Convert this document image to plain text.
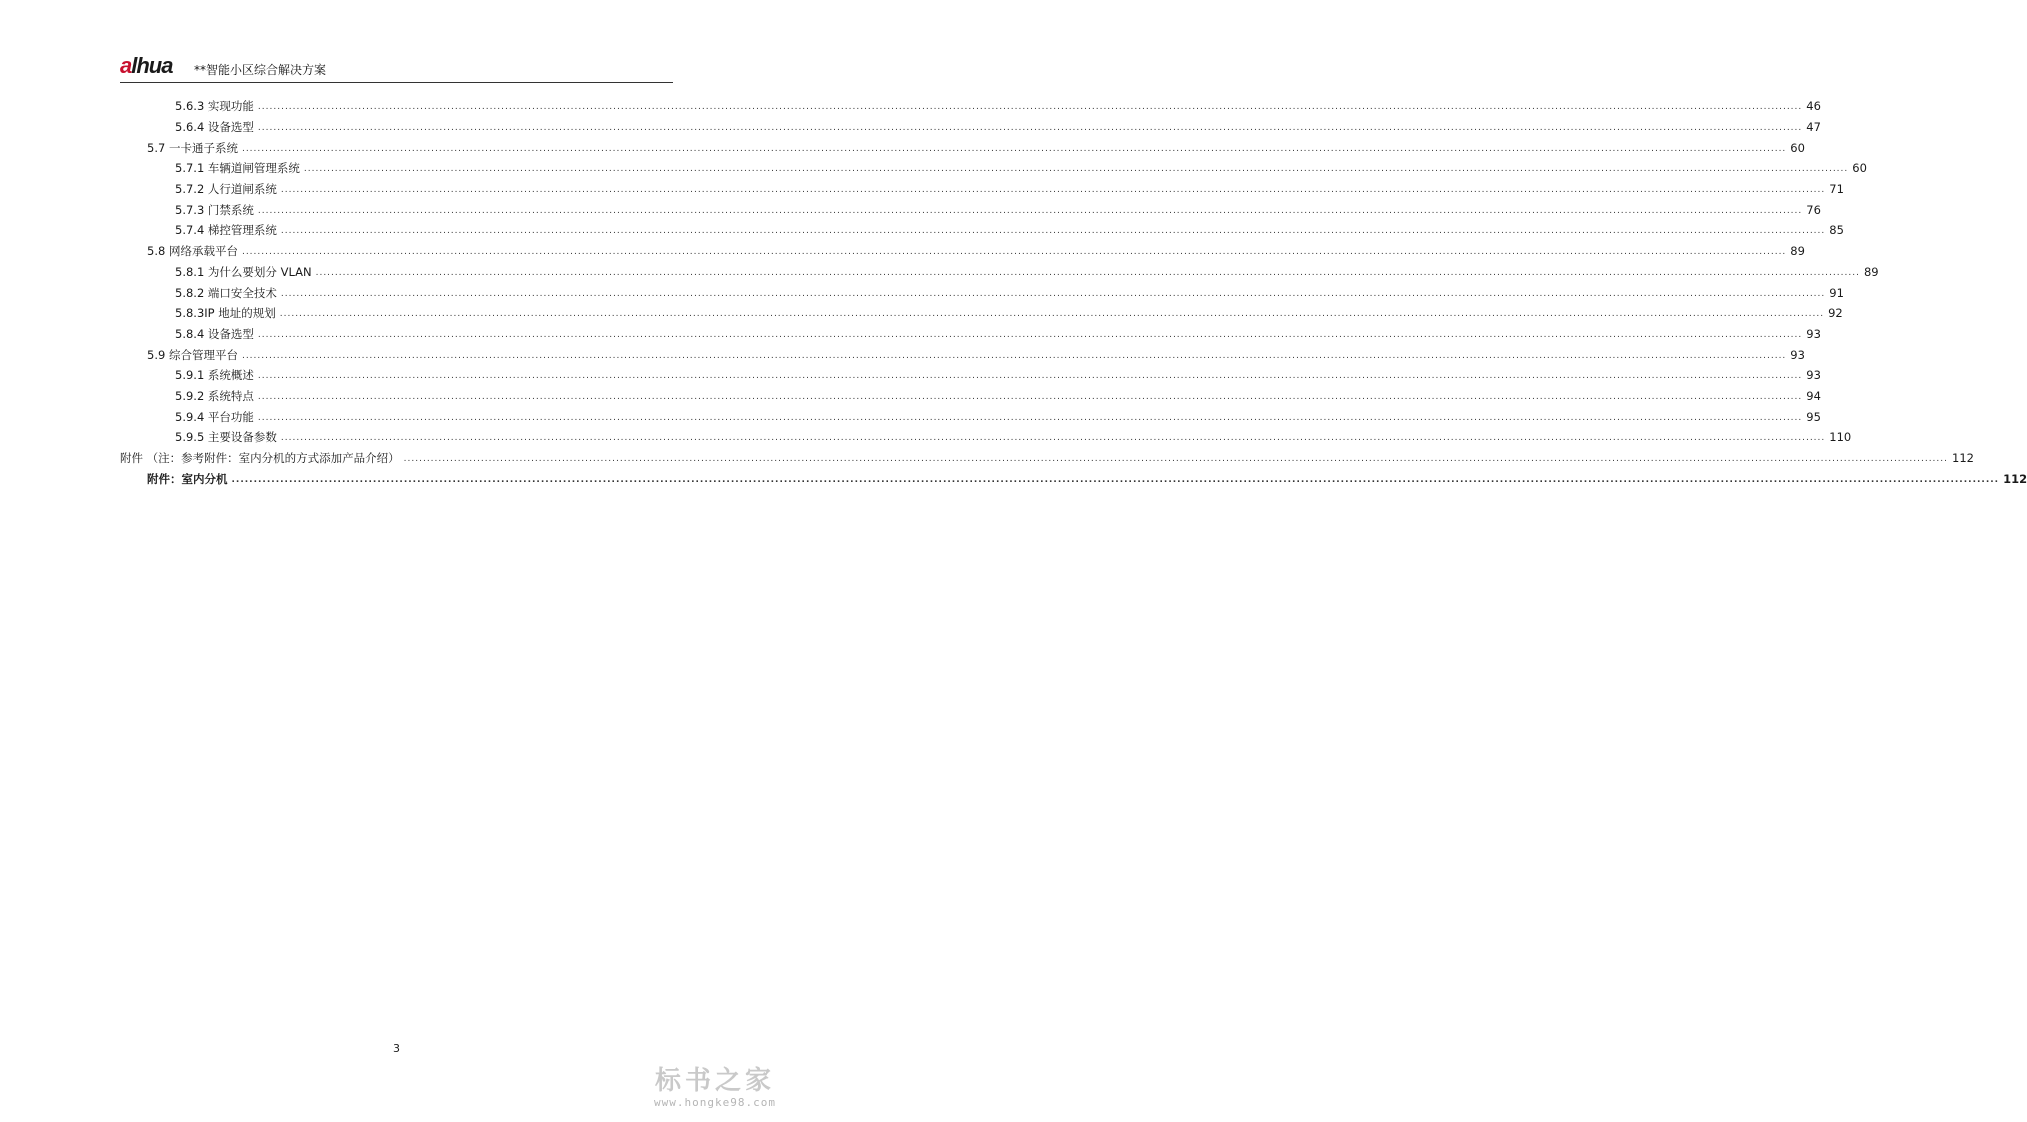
alhua **智能小区综合解决方案
5.6.3 实现功能 ................................................................................................................................................................................................................................................................................................................................................................................................................ 46
5.6.4 设备选型 ................................................................................................................................................................................................................................................................................................................................................................................................................ 47
5.7 一卡通子系统 ................................................................................................................................................................................................................................................................................................................................................................................................................ 60
5.7.1 车辆道闸管理系统 ................................................................................................................................................................................................................................................................................................................................................................................................................ 60
5.7.2 人行道闸系统 ................................................................................................................................................................................................................................................................................................................................................................................................................ 71
5.7.3 门禁系统 ................................................................................................................................................................................................................................................................................................................................................................................................................ 76
5.7.4 梯控管理系统 ................................................................................................................................................................................................................................................................................................................................................................................................................ 85
5.8 网络承载平台 ................................................................................................................................................................................................................................................................................................................................................................................................................ 89
5.8.1 为什么要划分 VLAN ................................................................................................................................................................................................................................................................................................................................................................................................................ 89
5.8.2 端口安全技术 ................................................................................................................................................................................................................................................................................................................................................................................................................ 91
5.8.3IP 地址的规划 ................................................................................................................................................................................................................................................................................................................................................................................................................ 92
5.8.4 设备选型 ................................................................................................................................................................................................................................................................................................................................................................................................................ 93
5.9 综合管理平台 ................................................................................................................................................................................................................................................................................................................................................................................................................ 93
5.9.1 系统概述 ................................................................................................................................................................................................................................................................................................................................................................................................................ 93
5.9.2 系统特点 ................................................................................................................................................................................................................................................................................................................................................................................................................ 94
5.9.4 平台功能 ................................................................................................................................................................................................................................................................................................................................................................................................................ 95
5.9.5 主要设备参数 ................................................................................................................................................................................................................................................................................................................................................................................................................ 110
附件 （注：参考附件：室内分机的方式添加产品介绍） ................................................................................................................................................................................................................................................................................................................................................................................................................ 112
附件：室内分机 ................................................................................................................................................................................................................................................................................................................................................................................................................ 112
3
标书之家
www.hongke98.com
